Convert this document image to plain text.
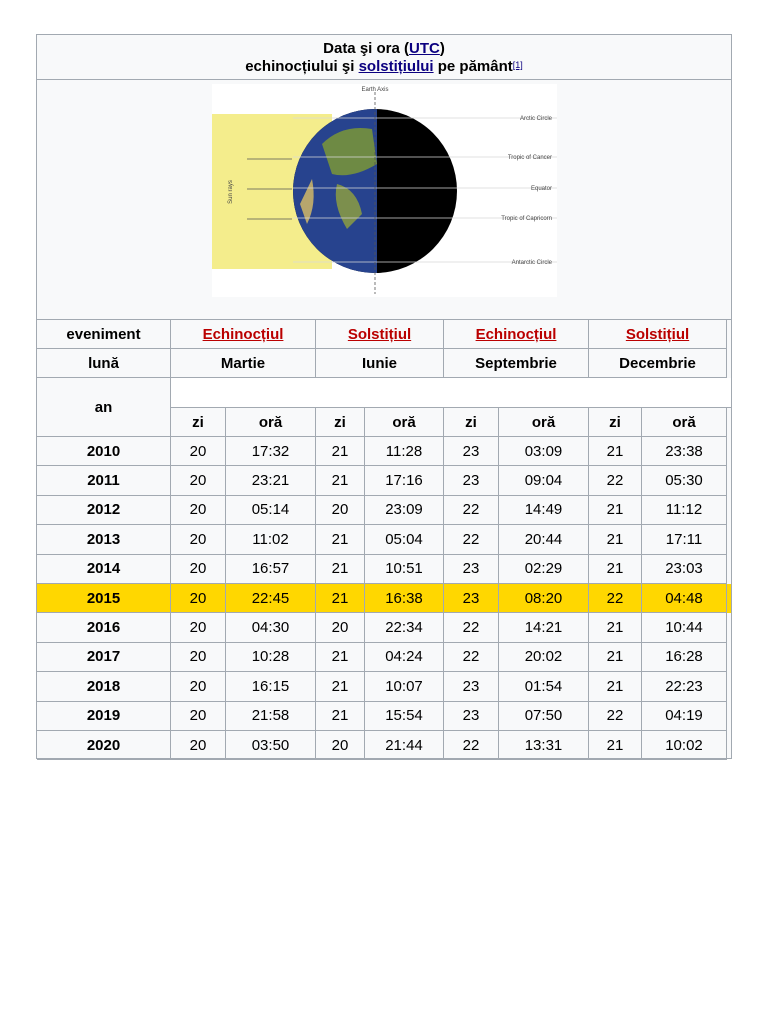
Data şi ora (UTC)
echinocțiului şi solstițiului pe pământ[1]
Earth Axis
Arctic Circle
Tropic of Cancer
Equator
Tropic of Capricorn
Antarctic Circle
Sun rays
eveniment	Echinocțiul	Solstițiul	Echinocțiul	Solstițiul
lună	Martie	Iunie	Septembrie	Decembrie
an
zi	oră	zi	oră	zi	oră	zi	oră
2010	20	17:32	21	11:28	23	03:09	21	23:38
2011	20	23:21	21	17:16	23	09:04	22	05:30
2012	20	05:14	20	23:09	22	14:49	21	11:12
2013	20	11:02	21	05:04	22	20:44	21	17:11
2014	20	16:57	21	10:51	23	02:29	21	23:03
2015	20	22:45	21	16:38	23	08:20	22	04:48
2016	20	04:30	20	22:34	22	14:21	21	10:44
2017	20	10:28	21	04:24	22	20:02	21	16:28
2018	20	16:15	21	10:07	23	01:54	21	22:23
2019	20	21:58	21	15:54	23	07:50	22	04:19
2020	20	03:50	20	21:44	22	13:31	21	10:02
